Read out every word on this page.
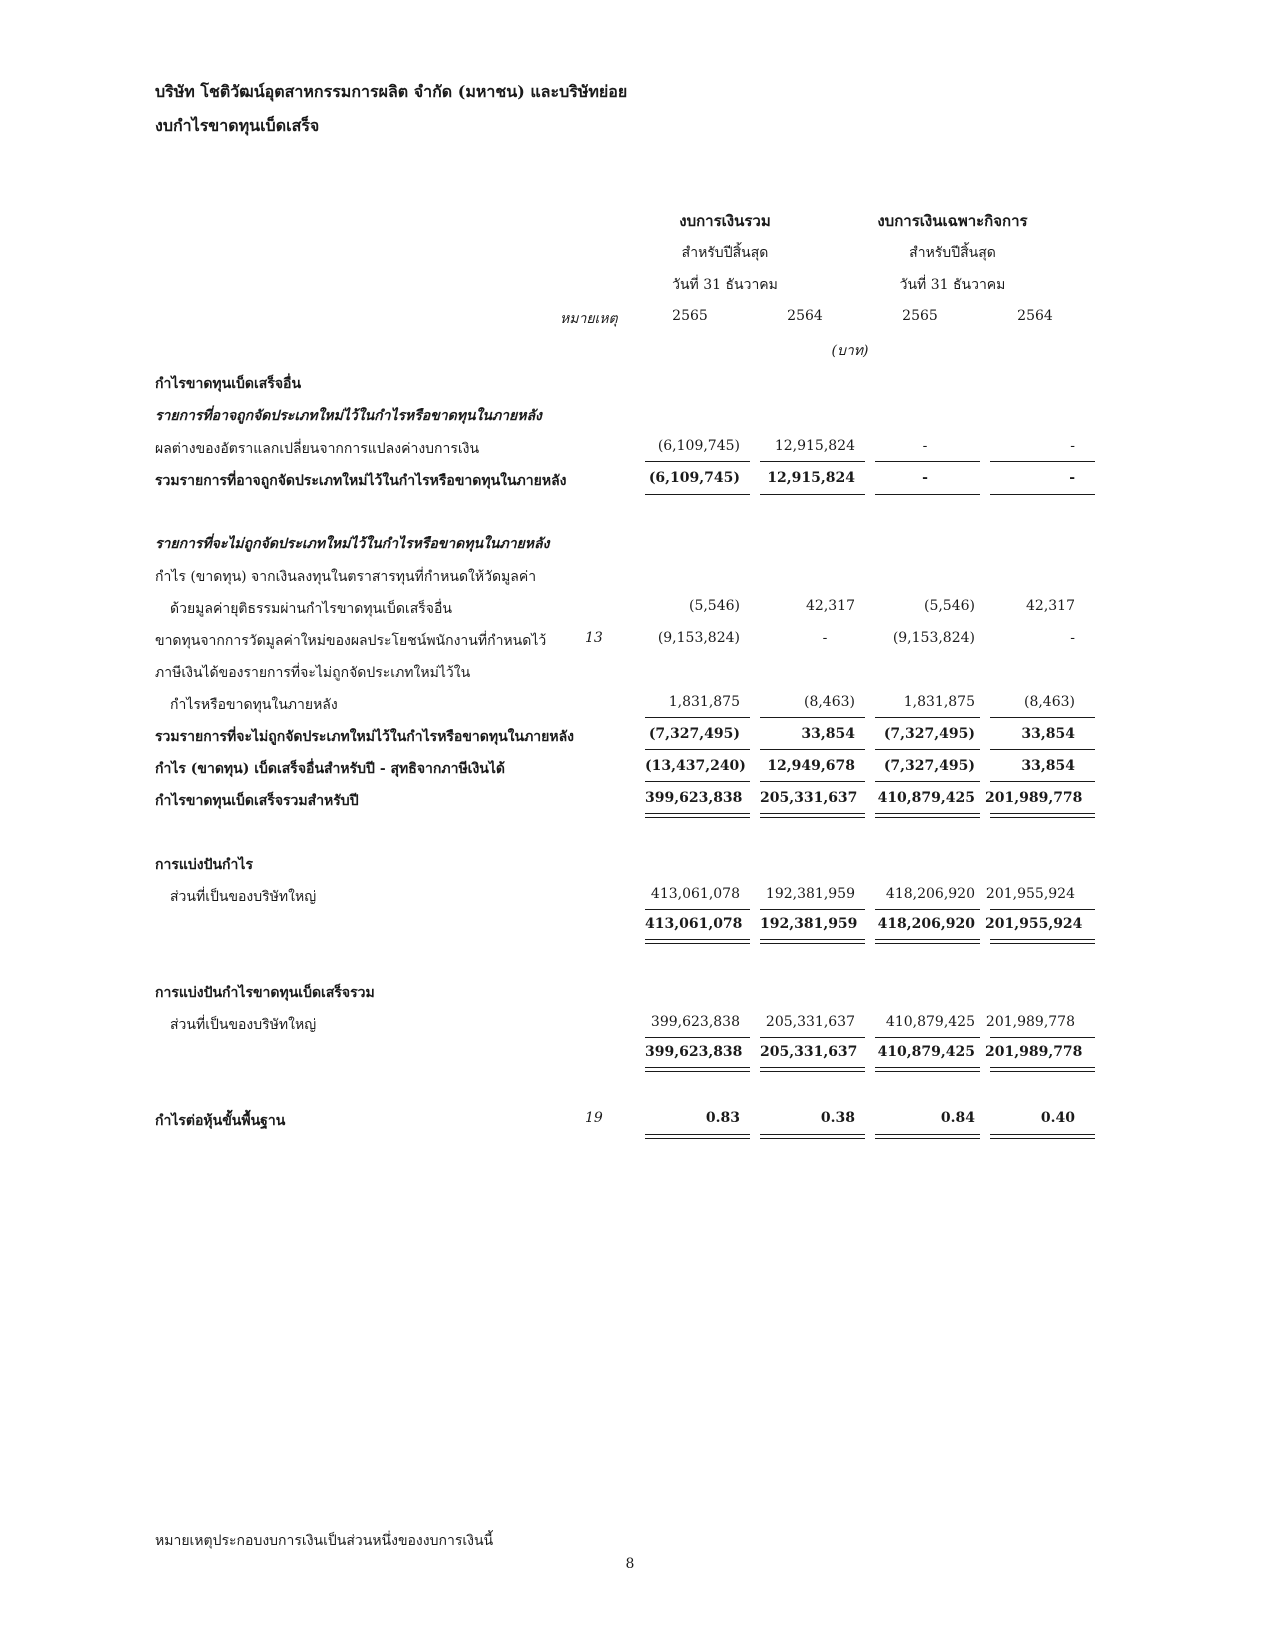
บริษัท โชติวัฒน์อุตสาหกรรมการผลิต จำกัด (มหาชน) และบริษัทย่อย
งบกำไรขาดทุนเบ็ดเสร็จ
งบการเงินรวม
สำหรับปีสิ้นสุด
วันที่ 31 ธันวาคม
งบการเงินเฉพาะกิจการ
สำหรับปีสิ้นสุด
วันที่ 31 ธันวาคม
หมายเหตุ	2565	2564	2565	2564
(บาท)
กำไรขาดทุนเบ็ดเสร็จอื่น
รายการที่อาจถูกจัดประเภทใหม่ไว้ในกำไรหรือขาดทุนในภายหลัง
ผลต่างของอัตราแลกเปลี่ยนจากการแปลงค่างบการเงิน	(6,109,745)	12,915,824	-	-
รวมรายการที่อาจถูกจัดประเภทใหม่ไว้ในกำไรหรือขาดทุนในภายหลัง	(6,109,745)	12,915,824	-	-
รายการที่จะไม่ถูกจัดประเภทใหม่ไว้ในกำไรหรือขาดทุนในภายหลัง
กำไร (ขาดทุน) จากเงินลงทุนในตราสารทุนที่กำหนดให้วัดมูลค่า
ด้วยมูลค่ายุติธรรมผ่านกำไรขาดทุนเบ็ดเสร็จอื่น	(5,546)	42,317	(5,546)	42,317
ขาดทุนจากการวัดมูลค่าใหม่ของผลประโยชน์พนักงานที่กำหนดไว้	13	(9,153,824)	-	(9,153,824)	-
ภาษีเงินได้ของรายการที่จะไม่ถูกจัดประเภทใหม่ไว้ใน
กำไรหรือขาดทุนในภายหลัง	1,831,875	(8,463)	1,831,875	(8,463)
รวมรายการที่จะไม่ถูกจัดประเภทใหม่ไว้ในกำไรหรือขาดทุนในภายหลัง	(7,327,495)	33,854	(7,327,495)	33,854
กำไร (ขาดทุน) เบ็ดเสร็จอื่นสำหรับปี - สุทธิจากภาษีเงินได้	(13,437,240)	12,949,678	(7,327,495)	33,854
กำไรขาดทุนเบ็ดเสร็จรวมสำหรับปี	399,623,838 205,331,637 410,879,425 201,989,778
การแบ่งปันกำไร
ส่วนที่เป็นของบริษัทใหญ่	413,061,078	192,381,959	418,206,920 201,955,924
413,061,078 192,381,959 418,206,920 201,955,924
การแบ่งปันกำไรขาดทุนเบ็ดเสร็จรวม
ส่วนที่เป็นของบริษัทใหญ่	399,623,838	205,331,637	410,879,425 201,989,778
399,623,838 205,331,637 410,879,425 201,989,778
กำไรต่อหุ้นขั้นพื้นฐาน	19	0.83	0.38	0.84	0.40
หมายเหตุประกอบงบการเงินเป็นส่วนหนึ่งของงบการเงินนี้
8
